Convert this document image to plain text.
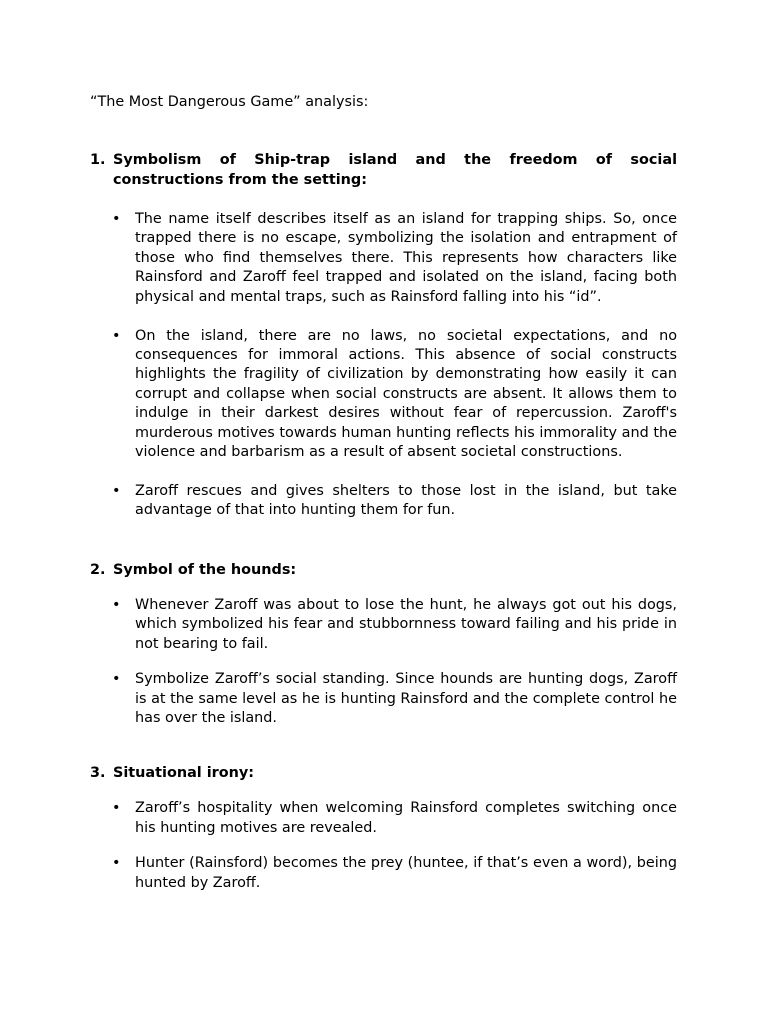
“The Most Dangerous Game” analysis:

1. Symbolism of Ship-trap island and the freedom of social constructions from the setting:
•	The name itself describes itself as an island for trapping ships. So, once trapped there is no escape, symbolizing the isolation and entrapment of those who find themselves there. This represents how characters like Rainsford and Zaroff feel trapped and isolated on the island, facing both physical and mental traps, such as Rainsford falling into his “id”.
•	On the island, there are no laws, no societal expectations, and no consequences for immoral actions. This absence of social constructs highlights the fragility of civilization by demonstrating how easily it can corrupt and collapse when social constructs are absent. It allows them to indulge in their darkest desires without fear of repercussion. Zaroff's murderous motives towards human hunting reflects his immorality and the violence and barbarism as a result of absent societal constructions.
•	Zaroff rescues and gives shelters to those lost in the island, but take advantage of that into hunting them for fun.
2. Symbol of the hounds:
•	Whenever Zaroff was about to lose the hunt, he always got out his dogs, which symbolized his fear and stubbornness toward failing and his pride in not bearing to fail.
•	Symbolize Zaroff’s social standing. Since hounds are hunting dogs, Zaroff is at the same level as he is hunting Rainsford and the complete control he has over the island.
3. Situational irony:
•	Zaroff’s hospitality when welcoming Rainsford completes switching once his hunting motives are revealed.
•	Hunter (Rainsford) becomes the prey (huntee, if that’s even a word), being hunted by Zaroff.
